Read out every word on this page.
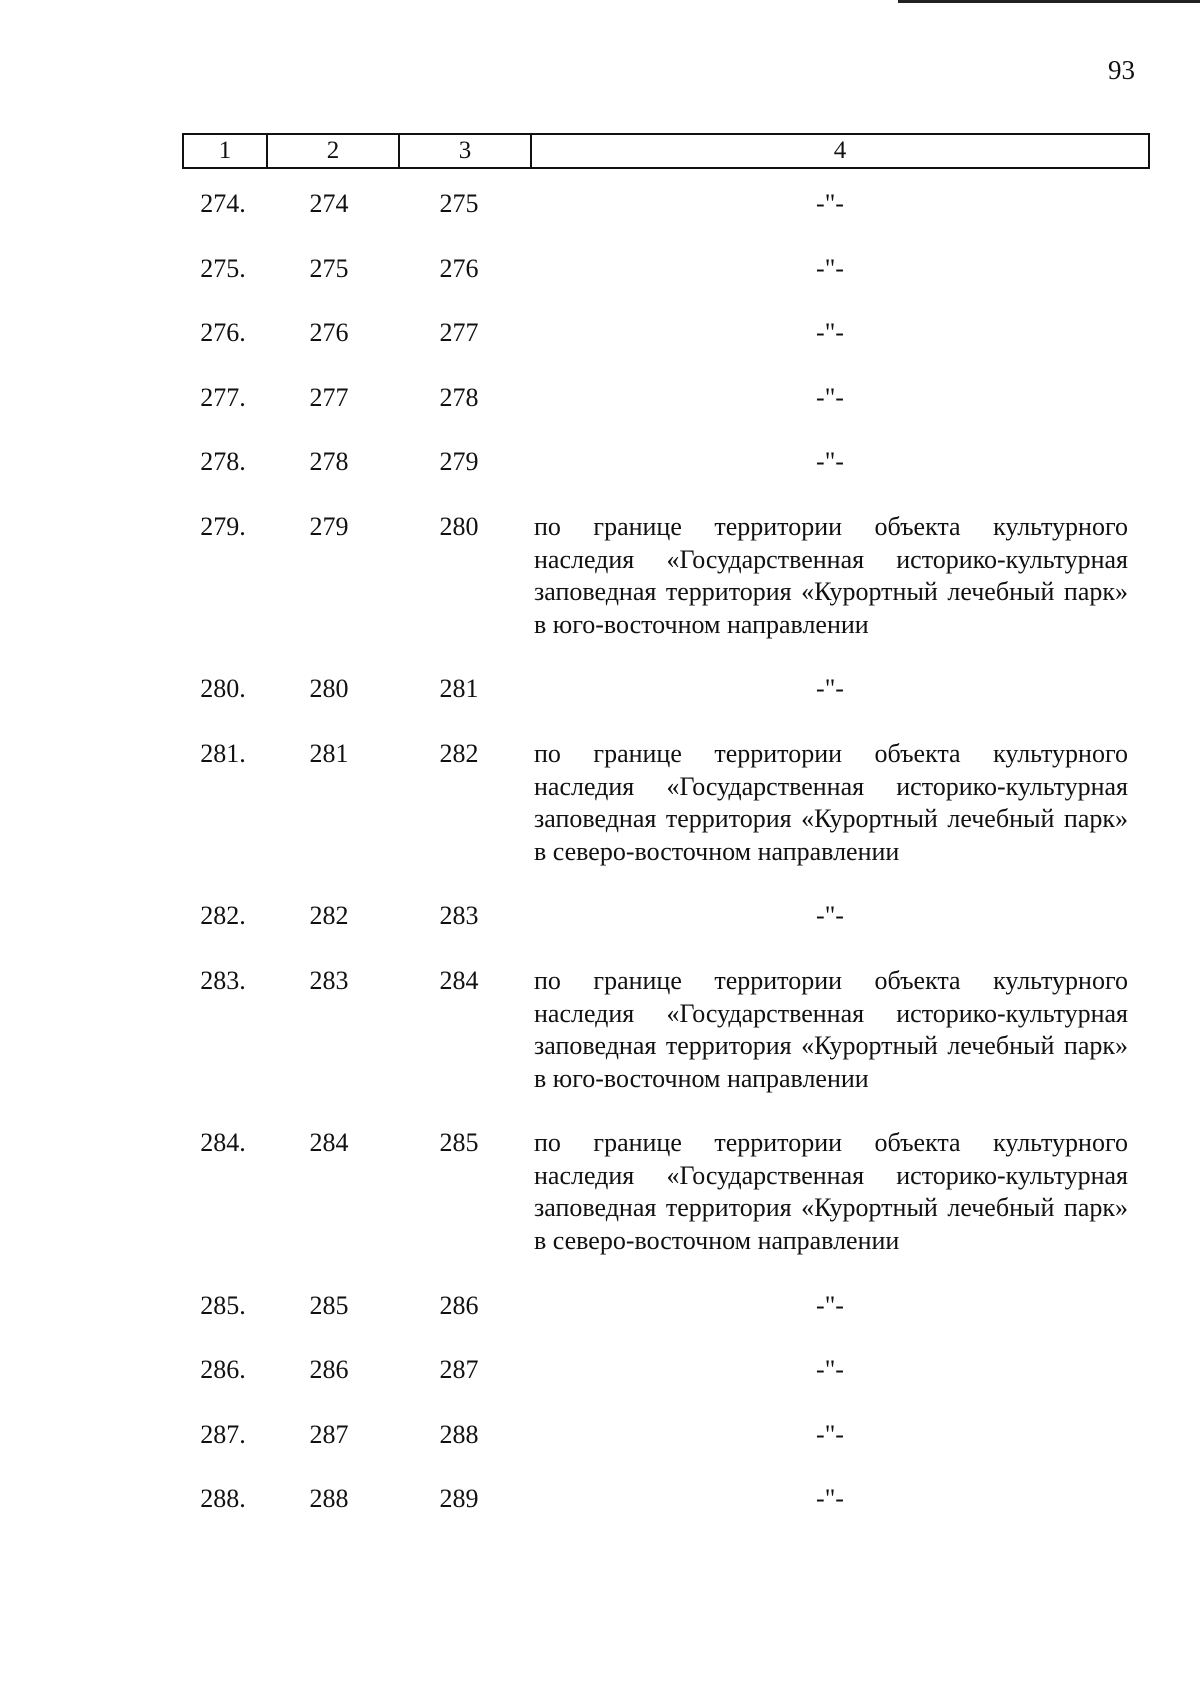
93
1	2	3	4
274.	274	275	-"-

275.	275	276	-"-

276.	276	277	-"-

277.	277	278	-"-

278.	278	279	-"-

279.	279	280	по границе территории объекта культурного наследия «Государственная историко-культурная заповедная территория «Курортный лечебный парк» в юго-восточном направлении

280.	280	281	-"-

281.	281	282	по границе территории объекта культурного наследия «Государственная историко-культурная заповедная территория «Курортный лечебный парк» в северо-восточном направлении

282.	282	283	-"-

283.	283	284	по границе территории объекта культурного наследия «Государственная историко-культурная заповедная территория «Курортный лечебный парк» в юго-восточном направлении

284.	284	285	по границе территории объекта культурного наследия «Государственная историко-культурная заповедная территория «Курортный лечебный парк» в северо-восточном направлении

285.	285	286	-"-

286.	286	287	-"-

287.	287	288	-"-

288.	288	289	-"-
